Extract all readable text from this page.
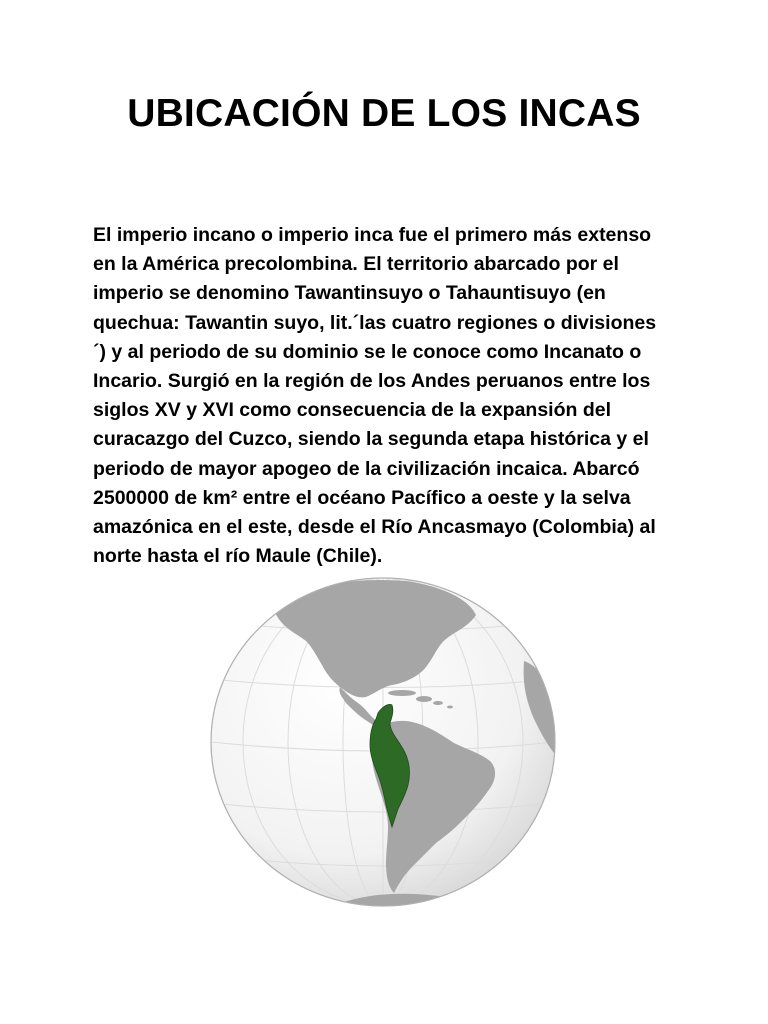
UBICACIÓN DE LOS INCAS

El imperio incano o imperio inca fue el primero más extenso
en la América precolombina. El territorio abarcado por el
imperio se denomino Tawantinsuyo o Tahauntisuyo (en
quechua: Tawantin suyo, lit.´las cuatro regiones o divisiones
´) y al periodo de su dominio se le conoce como Incanato o
Incario. Surgió en la región de los Andes peruanos entre los
siglos XV y XVI como consecuencia de la expansión del
curacazgo del Cuzco, siendo la segunda etapa histórica y el
periodo de mayor apogeo de la civilización incaica. Abarcó
2500000 de km² entre el océano Pacífico a oeste y la selva
amazónica en el este, desde el Río Ancasmayo (Colombia) al
norte hasta el río Maule (Chile).
